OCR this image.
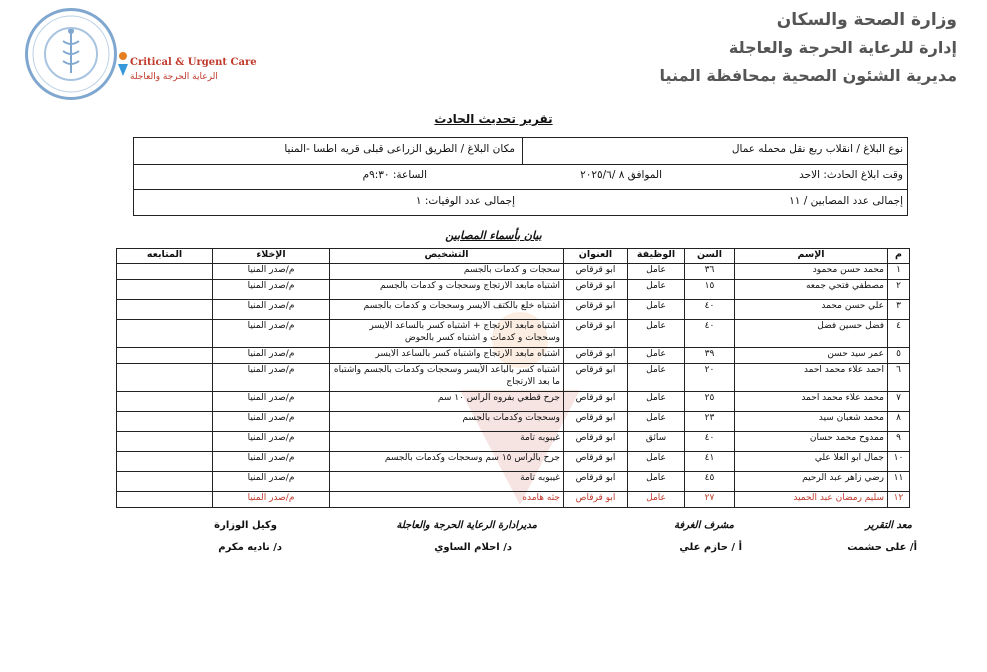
وزارة الصحة والسكان
إدارة للرعاية الحرجة والعاجلة
مديرية الشئون الصحية بمحافظة المنيا
Critical & Urgent Care
الرعاية الحرجة والعاجلة
تقرير تحديث الحادث
نوع البلاغ / انقلاب ربع نقل محمله عمال
مكان البلاغ / الطريق الزراعى قبلى قريه اطسا -المنيا
وقت ابلاغ الحادث: الاحد
الموافق ٨ /٢٠٢٥/٦
الساعة: ٩:٣٠م
إجمالى عدد المصابين / ١١
إجمالى عدد الوفيات: ١
بيان بأسماء المصابين
م	الإسم	السن	الوظيفة	العنوان	التشخيص	الإخلاء	المتابعه
١	محمد حسن محمود	٣٦	عامل	ابو قرقاص	سحجات و كدمات بالجسم	م/صدر المنيا	
٢	مصطفي فتحي جمعه	١٥	عامل	ابو قرقاص	اشتباه مابعد الارتجاج وسحجات و كدمات بالجسم	م/صدر المنيا	
٣	علي حسن محمد	٤٠	عامل	ابو قرقاص	اشتباه خلع بالكتف الايسر وسحجات و كدمات بالجسم	م/صدر المنيا	
٤	فضل حسين فضل	٤٠	عامل	ابو قرقاص	اشتباه مابعد الارتجاج + اشتباه كسر بالساعد الايسر وسحجات و كدمات و اشتباه كسر بالحوض	م/صدر المنيا	
٥	عمر سيد حسن	٣٩	عامل	ابو قرقاص	اشتباه مابعد الارتجاج واشتباه كسر بالساعد الايسر	م/صدر المنيا	
٦	احمد علاء محمد احمد	٢٠	عامل	ابو قرقاص	اشتباه كسر بالباعد الأيسر وسحجات وكدمات بالجسم واشتباه ما بعد الارتجاج	م/صدر المنيا	
٧	محمد علاء محمد احمد	٢٥	عامل	ابو قرقاص	جرح قطعي بفروه الراس ١٠ سم	م/صدر المنيا	
٨	محمد شعبان سيد	٢٣	عامل	ابو قرقاص	وسحجات وكدمات بالجسم	م/صدر المنيا	
٩	ممدوح محمد حسان	٤٠	سائق	ابو قرقاص	غيبوبه تامة	م/صدر المنيا	
١٠	جمال ابو العلا علي	٤١	عامل	ابو قرقاص	جرح بالراس ١٥ سم وسحجات وكدمات بالجسم	م/صدر المنيا	
١١	رضي زاهر عبد الرحيم	٤٥	عامل	ابو قرقاص	غيبوبه تامة	م/صدر المنيا	
١٢	سليم رمضان عبد الحميد	٢٧	عامل	ابو قرقاص	جثه هامده	م/صدر المنيا	
معد التقرير
أ/ على حشمت
مشرف الغرفة
أ / حازم علي
مديرادارة الرعاية الحرجة والعاجلة
د/ احلام الساوي
وكيل الوزارة
د/ ناديه مكرم
